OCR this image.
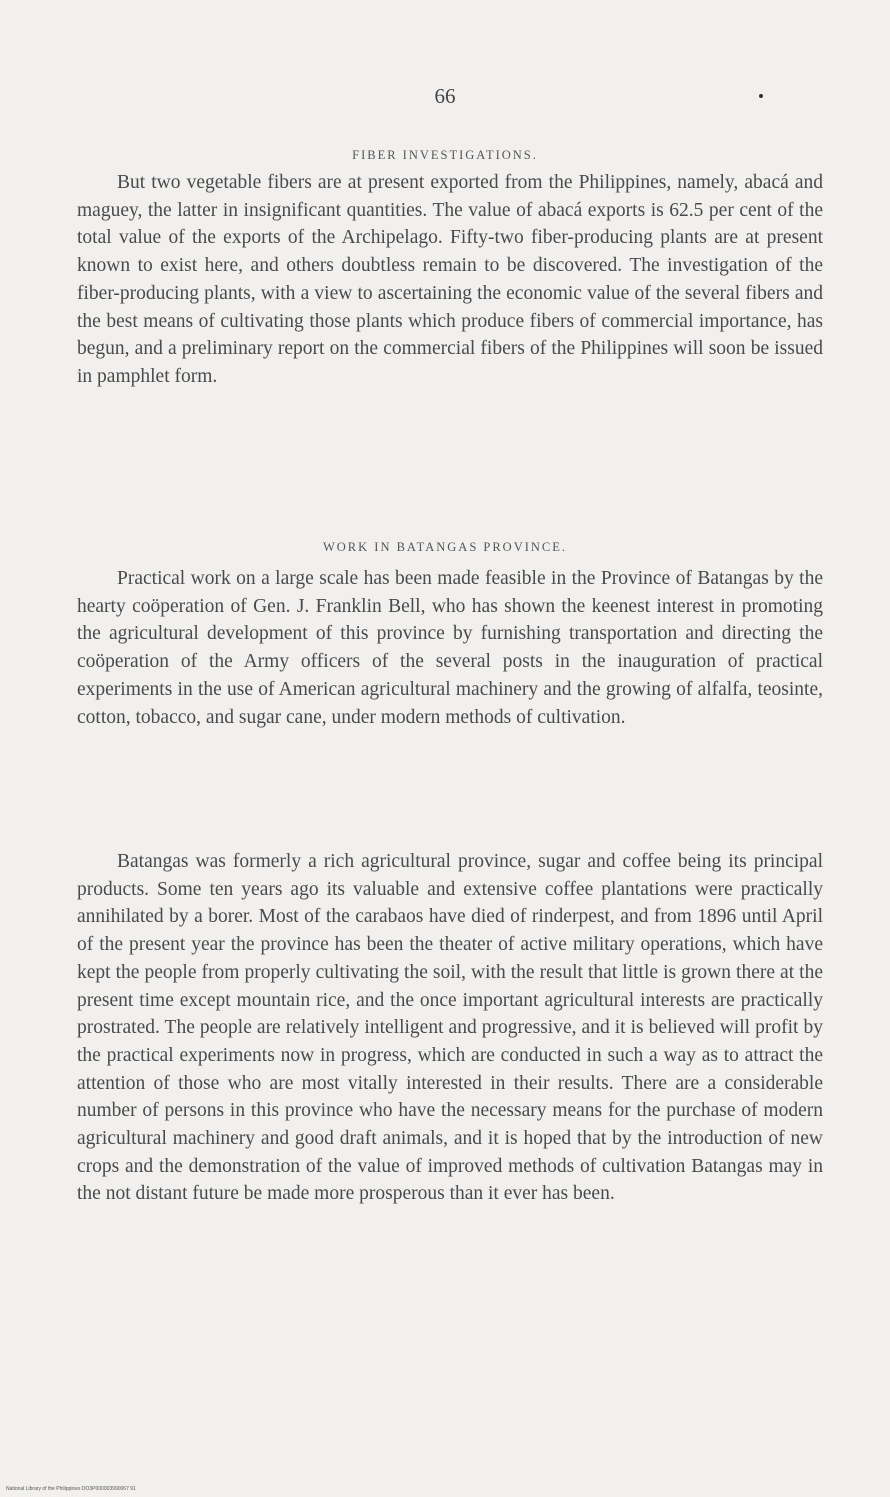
66
FIBER INVESTIGATIONS.

But two vegetable fibers are at present exported from the Philippines, namely, abacá and maguey, the latter in insignificant quantities. The value of abacá exports is 62.5 per cent of the total value of the exports of the Archipelago. Fifty-two fiber-producing plants are at present known to exist here, and others doubtless remain to be discovered. The investigation of the fiber-producing plants, with a view to ascertaining the economic value of the several fibers and the best means of cultivating those plants which produce fibers of commercial importance, has begun, and a preliminary report on the commercial fibers of the Philippines will soon be issued in pamphlet form.

WORK IN BATANGAS PROVINCE.

Practical work on a large scale has been made feasible in the Province of Batangas by the hearty coöperation of Gen. J. Franklin Bell, who has shown the keenest interest in promoting the agricultural development of this province by furnishing transportation and directing the coöperation of the Army officers of the several posts in the inauguration of practical experiments in the use of American agricultural machinery and the growing of alfalfa, teosinte, cotton, tobacco, and sugar cane, under modern methods of cultivation.

Batangas was formerly a rich agricultural province, sugar and coffee being its principal products. Some ten years ago its valuable and extensive coffee plantations were practically annihilated by a borer. Most of the carabaos have died of rinderpest, and from 1896 until April of the present year the province has been the theater of active military operations, which have kept the people from properly cultivating the soil, with the result that little is grown there at the present time except mountain rice, and the once important agricultural interests are practically prostrated. The people are relatively intelligent and progressive, and it is believed will profit by the practical experiments now in progress, which are conducted in such a way as to attract the attention of those who are most vitally interested in their results. There are a considerable number of persons in this province who have the necessary means for the purchase of modern agricultural machinery and good draft animals, and it is hoped that by the introduction of new crops and the demonstration of the value of improved methods of cultivation Batangas may in the not distant future be made more prosperous than it ever has been.

National Library of the Philippines DO3P000003990067 91
